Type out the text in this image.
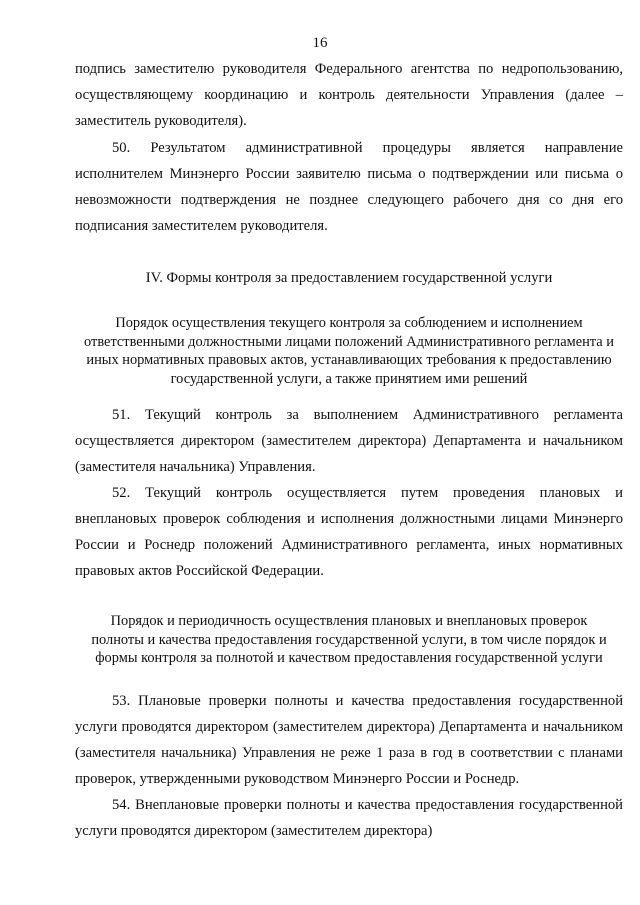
16

подпись заместителю руководителя Федерального агентства по недропользованию, осуществляющему координацию и контроль деятельности Управления (далее – заместитель руководителя).

50. Результатом административной процедуры является направление исполнителем Минэнерго России заявителю письма о подтверждении или письма о невозможности подтверждения не позднее следующего рабочего дня со дня его подписания заместителем руководителя.

IV. Формы контроля за предоставлением государственной услуги
Порядок осуществления текущего контроля за соблюдением и исполнением ответственными должностными лицами положений Административного регламента и иных нормативных правовых актов, устанавливающих требования к предоставлению государственной услуги, а также принятием ими решений

51. Текущий контроль за выполнением Административного регламента осуществляется директором (заместителем директора) Департамента и начальником (заместителя начальника) Управления.

52. Текущий контроль осуществляется путем проведения плановых и внеплановых проверок соблюдения и исполнения должностными лицами Минэнерго России и Роснедр положений Административного регламента, иных нормативных правовых актов Российской Федерации.

Порядок и периодичность осуществления плановых и внеплановых проверок полноты и качества предоставления государственной услуги, в том числе порядок и формы контроля за полнотой и качеством предоставления государственной услуги

53. Плановые проверки полноты и качества предоставления государственной услуги проводятся директором (заместителем директора) Департамента и начальником (заместителя начальника) Управления не реже 1 раза в год в соответствии с планами проверок, утвержденными руководством Минэнерго России и Роснедр.

54. Внеплановые проверки полноты и качества предоставления государственной услуги проводятся директором (заместителем директора)
